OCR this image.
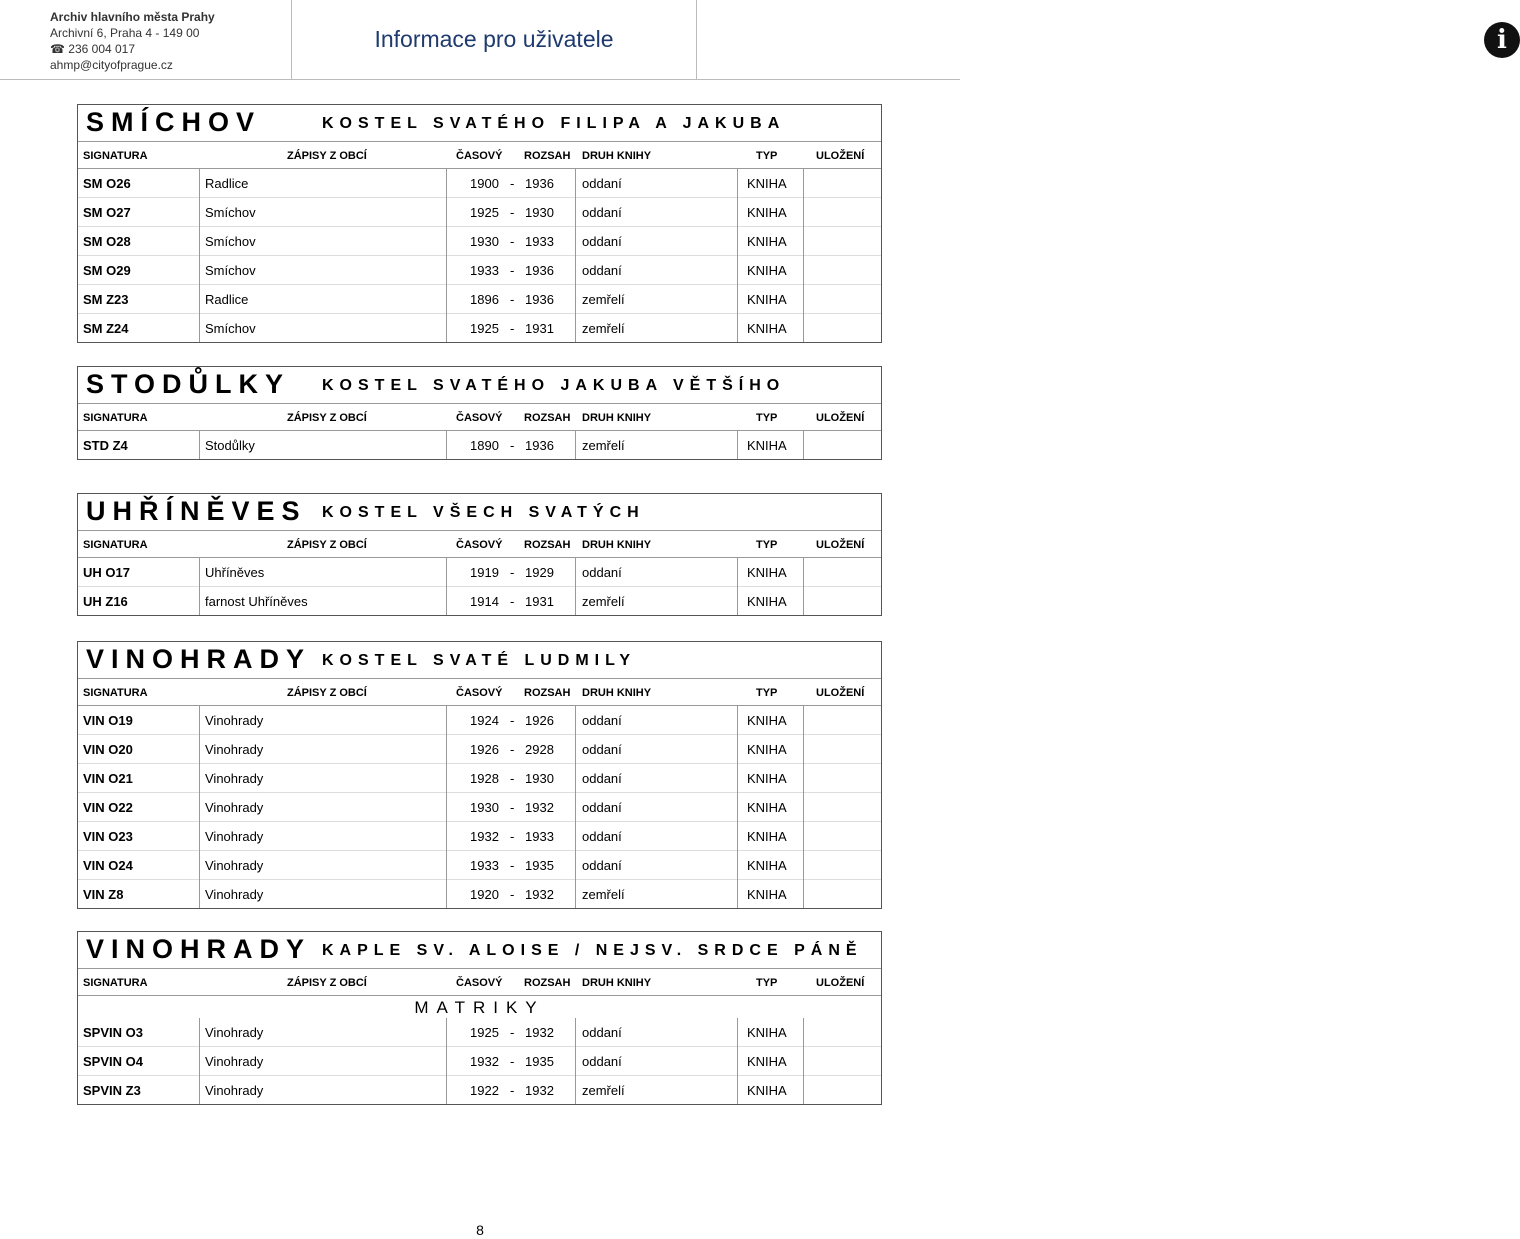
Archiv hlavního města Prahy
Archivní 6, Praha 4 - 149 00
☎ 236 004 017
ahmp@cityofprague.cz
Informace pro uživatele	i
SMÍCHOV	KOSTEL SVATÉHO FILIPA A JAKUBA
SIGNATURA	ZÁPISY Z OBCÍ	ČASOVÝ ROZSAH DRUH KNIHY	TYP	ULOŽENÍ
SM O26	Radlice	1900 - 1936 oddaní	KNIHA
SM O27	Smíchov	1925 - 1930 oddaní	KNIHA
SM O28	Smíchov	1930 - 1933 oddaní	KNIHA
SM O29	Smíchov	1933 - 1936 oddaní	KNIHA
SM Z23	Radlice	1896 - 1936 zemřelí	KNIHA
SM Z24	Smíchov	1925 - 1931 zemřelí	KNIHA
STODŮLKY KOSTEL SVATÉHO JAKUBA VĚTŠÍHO
SIGNATURA	ZÁPISY Z OBCÍ	ČASOVÝ ROZSAH DRUH KNIHY	TYP	ULOŽENÍ
STD Z4	Stodůlky	1890 - 1936 zemřelí	KNIHA
UHŘÍNĚVES KOSTEL VŠECH SVATÝCH
SIGNATURA	ZÁPISY Z OBCÍ	ČASOVÝ ROZSAH DRUH KNIHY	TYP	ULOŽENÍ
UH O17	Uhříněves	1919 - 1929 oddaní	KNIHA
UH Z16	farnost Uhříněves	1914 - 1931 zemřelí	KNIHA
VINOHRADY KOSTEL SVATÉ LUDMILY
SIGNATURA	ZÁPISY Z OBCÍ	ČASOVÝ ROZSAH DRUH KNIHY	TYP	ULOŽENÍ
VIN O19	Vinohrady	1924 - 1926 oddaní	KNIHA
VIN O20	Vinohrady	1926 - 2928 oddaní	KNIHA
VIN O21	Vinohrady	1928 - 1930 oddaní	KNIHA
VIN O22	Vinohrady	1930 - 1932 oddaní	KNIHA
VIN O23	Vinohrady	1932 - 1933 oddaní	KNIHA
VIN O24	Vinohrady	1933 - 1935 oddaní	KNIHA
VIN Z8	Vinohrady	1920 - 1932 zemřelí	KNIHA
VINOHRADY KAPLE SV. ALOISE / NEJSV. SRDCE PÁNĚ
SIGNATURA	ZÁPISY Z OBCÍ	ČASOVÝ ROZSAH DRUH KNIHY	TYP	ULOŽENÍ
MATRIKY
SPVIN O3	Vinohrady	1925 - 1932 oddaní	KNIHA
SPVIN O4	Vinohrady	1932 - 1935 oddaní	KNIHA
SPVIN Z3	Vinohrady	1922 - 1932 zemřelí	KNIHA
8
